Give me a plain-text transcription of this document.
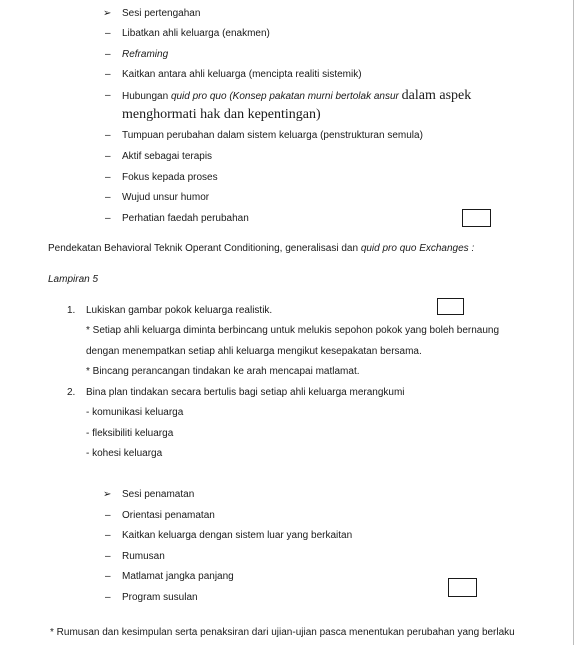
➢	Sesi pertengahan
–	Libatkan ahli keluarga (enakmen)
–	Reframing
–	Kaitkan antara ahli keluarga (mencipta realiti sistemik)
–	Hubungan quid pro quo (Konsep pakatan murni bertolak ansur dalam aspek
menghormati hak dan kepentingan)
–	Tumpuan perubahan dalam sistem keluarga (penstrukturan semula)
–	Aktif sebagai terapis
–	Fokus kepada proses
–	Wujud unsur humor
–	Perhatian faedah perubahan
Pendekatan Behavioral Teknik Operant Conditioning, generalisasi dan quid pro quo Exchanges :
Lampiran 5
1. Lukiskan gambar pokok keluarga realistik.
* Setiap ahli keluarga diminta berbincang untuk melukis sepohon pokok yang boleh bernaung
dengan menempatkan setiap ahli keluarga mengikut kesepakatan bersama.
* Bincang perancangan tindakan ke arah mencapai matlamat.
2. Bina plan tindakan secara bertulis bagi setiap ahli keluarga merangkumi
- komunikasi keluarga
- fleksibiliti keluarga
- kohesi keluarga
➢	Sesi penamatan
–	Orientasi penamatan
–	Kaitkan keluarga dengan sistem luar yang berkaitan
–	Rumusan
–	Matlamat jangka panjang
–	Program susulan
* Rumusan dan kesimpulan serta penaksiran dari ujian-ujian pasca menentukan perubahan yang berlaku
